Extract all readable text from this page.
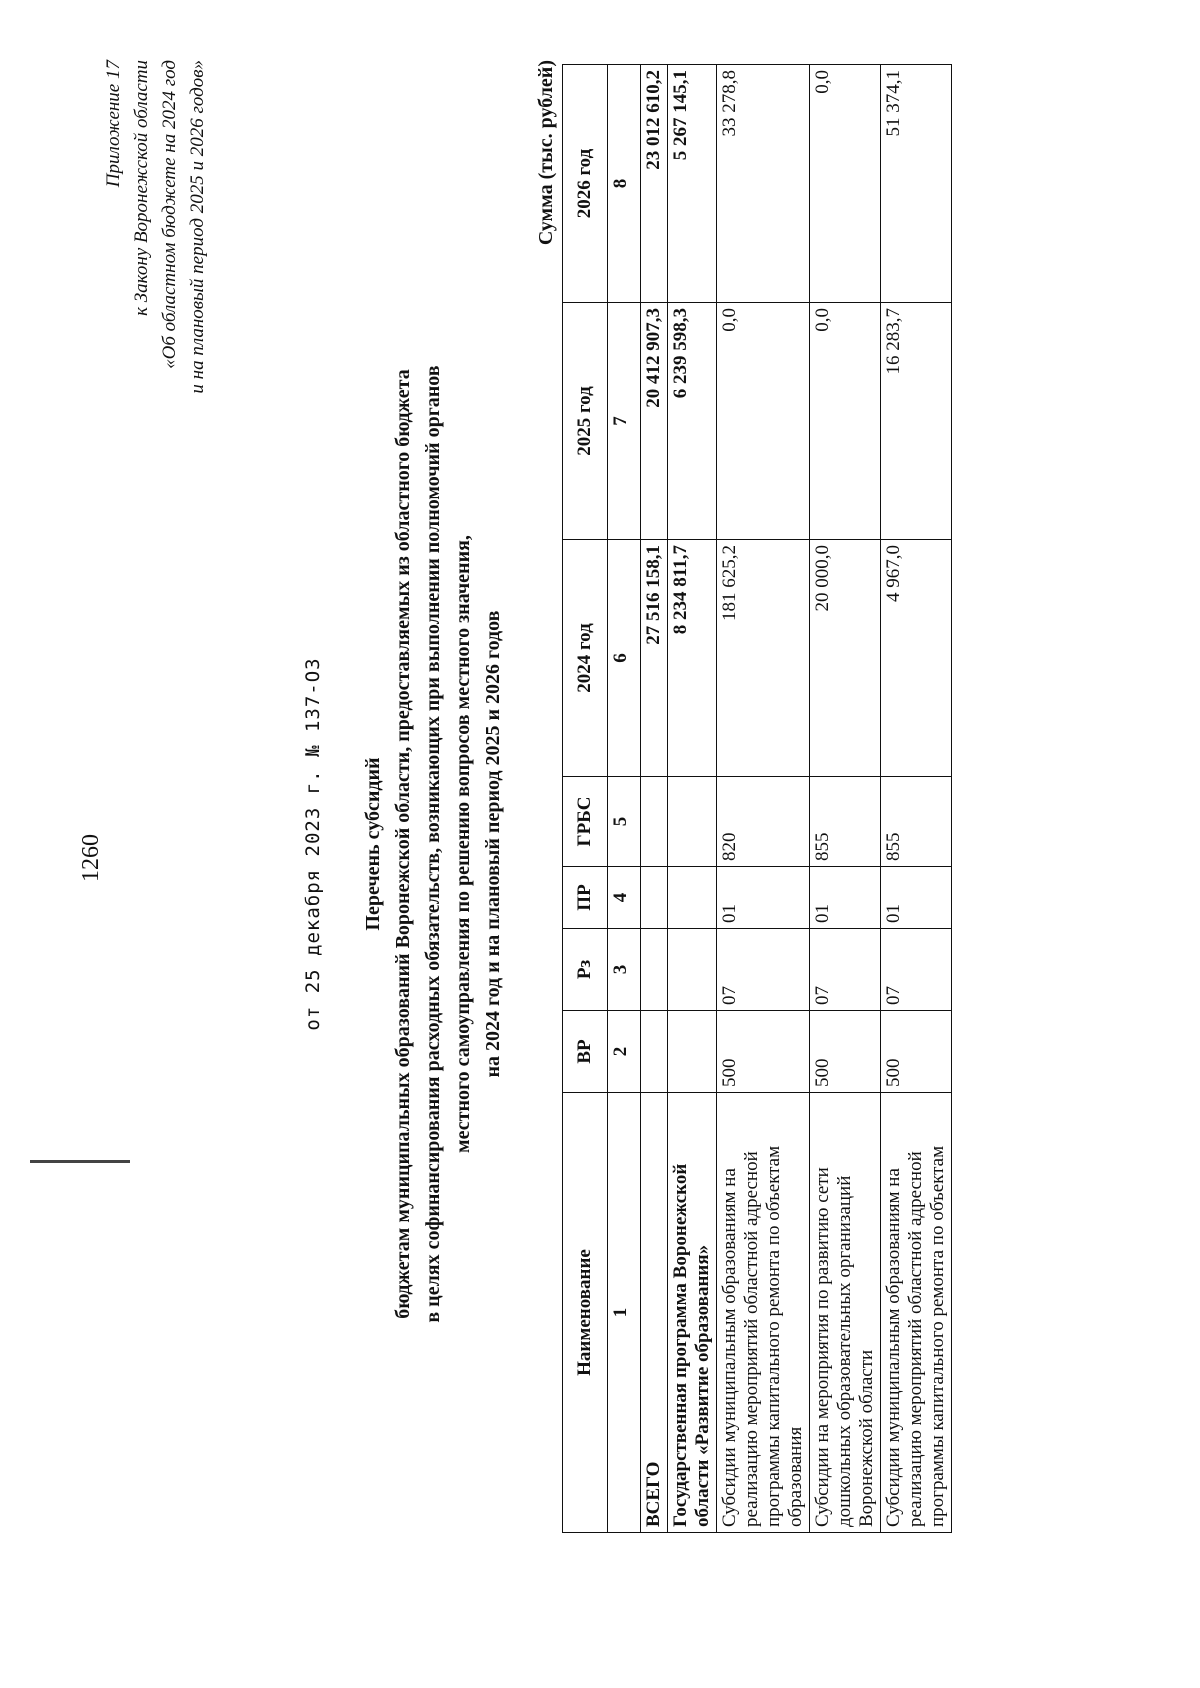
1260
Приложение 17 к Закону Воронежской области «Об областном бюджете на 2024 год и на плановый период 2025 и 2026 годов»
от 25 декабря 2023 г. № 137-ОЗ Перечень субсидий бюджетам муниципальных образований Воронежской области, предоставляемых из областного бюджета в целях софинансирования расходных обязательств, возникающих при выполнении полномочий органов местного самоуправления по решению вопросов местного значения, на 2024 год и на плановый период 2025 и 2026 годов
Сумма (тыс. рублей)
Наименование	ВР	Рз	ПР	ГРБС	2024 год	2025 год	2026 год
1	2	3	4	5	6	7	8
ВСЕГО					27 516 158,1	20 412 907,3	23 012 610,2
Государственная программа Воронежской области «Развитие образования»					8 234 811,7	6 239 598,3	5 267 145,1
Субсидии муниципальным образованиям на реализацию мероприятий областной адресной программы капитального ремонта по объектам образования	500	07	01	820	181 625,2	0,0	33 278,8
Субсидии на мероприятия по развитию сети дошкольных образовательных организаций Воронежской области	500	07	01	855	20 000,0	0,0	0,0
Субсидии муниципальным образованиям на реализацию мероприятий областной адресной программы капитального ремонта по объектам	500	07	01	855	4 967,0	16 283,7	51 374,1
